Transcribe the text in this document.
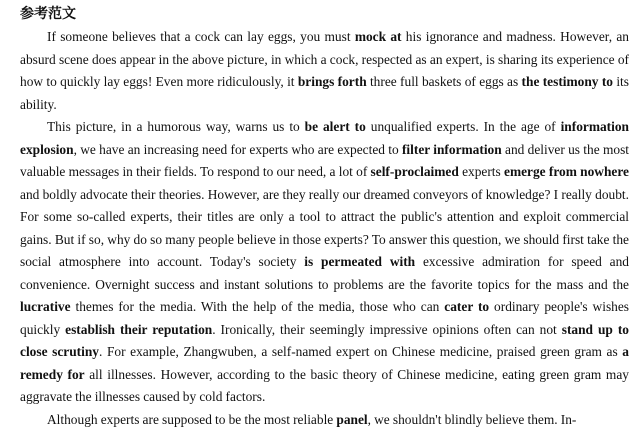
参考范文

If someone believes that a cock can lay eggs, you must mock at his ignorance and madness. However, an absurd scene does appear in the above picture, in which a cock, respected as an expert, is sharing its experience of how to quickly lay eggs! Even more ridiculously, it brings forth three full baskets of eggs as the testimony to its ability.

This picture, in a humorous way, warns us to be alert to unqualified experts. In the age of information explosion, we have an increasing need for experts who are expected to filter information and deliver us the most valuable messages in their fields. To respond to our need, a lot of self-proclaimed experts emerge from nowhere and boldly advocate their theories. However, are they really our dreamed conveyors of knowledge? I really doubt. For some so-called experts, their titles are only a tool to attract the public's attention and exploit commercial gains. But if so, why do so many people believe in those experts? To answer this question, we should first take the social atmosphere into account. Today's society is permeated with excessive admiration for speed and convenience. Overnight success and instant solutions to problems are the favorite topics for the mass and the lucrative themes for the media. With the help of the media, those who can cater to ordinary people's wishes quickly establish their reputation. Ironically, their seemingly impressive opinions often can not stand up to close scrutiny. For example, Zhangwuben, a self-named expert on Chinese medicine, praised green gram as a remedy for all illnesses. However, according to the basic theory of Chinese medicine, eating green gram may aggravate the illnesses caused by cold factors.

Although experts are supposed to be the most reliable panel, we shouldn't blindly believe them. In-
